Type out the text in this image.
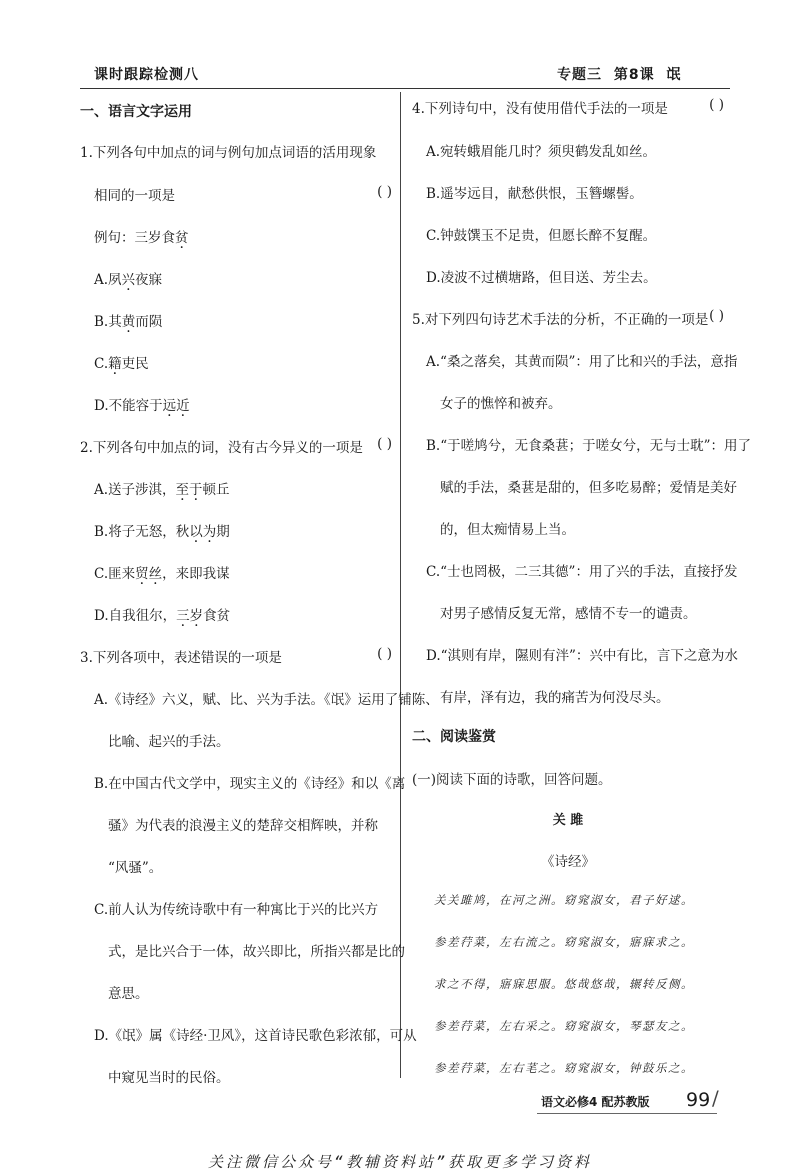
课时跟踪检测八	专题三 第8课 氓
一、语言文字运用
1.下列各句中加点的词与例句加点词语的活用现象
相同的一项是	( )
例句：三岁食贫
A.夙兴夜寐
B.其黄而陨
C.籍吏民
D.不能容于远近
2.下列各句中加点的词，没有古今异义的一项是 ( )
A.送子涉淇，至于顿丘
B.将子无怒，秋以为期
C.匪来贸丝，来即我谋
D.自我徂尔，三岁食贫
3.下列各项中，表述错误的一项是	( )
A.《诗经》六义，赋、比、兴为手法。《氓》运用了铺陈、
比喻、起兴的手法。
B.在中国古代文学中，现实主义的《诗经》和以《离
骚》为代表的浪漫主义的楚辞交相辉映，并称
“风骚”。
C.前人认为传统诗歌中有一种寓比于兴的比兴方
式，是比兴合于一体，故兴即比，所指兴都是比的
意思。
D.《氓》属《诗经·卫风》，这首诗民歌色彩浓郁，可从
中窥见当时的民俗。
4.下列诗句中，没有使用借代手法的一项是	( )
A.宛转蛾眉能几时？须臾鹤发乱如丝。
B.遥岑远目，献愁供恨，玉簪螺髻。
C.钟鼓馔玉不足贵，但愿长醉不复醒。
D.凌波不过横塘路，但目送、芳尘去。
5.对下列四句诗艺术手法的分析，不正确的一项是 ( )
A.“桑之落矣，其黄而陨”：用了比和兴的手法，意指
女子的憔悴和被弃。
B.“于嗟鸠兮，无食桑葚；于嗟女兮，无与士耽”：用了
赋的手法，桑葚是甜的，但多吃易醉；爱情是美好
的，但太痴情易上当。
C.“士也罔极，二三其德”：用了兴的手法，直接抒发
对男子感情反复无常，感情不专一的谴责。
D.“淇则有岸，隰则有泮”：兴中有比，言下之意为水
有岸，泽有边，我的痛苦为何没尽头。
二、阅读鉴赏
(一)阅读下面的诗歌，回答问题。
关 雎
《诗经》
关关雎鸠，在河之洲。窈窕淑女，君子好逑。
参差荇菜，左右流之。窈窕淑女，寤寐求之。
求之不得，寤寐思服。悠哉悠哉，辗转反侧。
参差荇菜，左右采之。窈窕淑女，琴瑟友之。
参差荇菜，左右芼之。窈窕淑女，钟鼓乐之。
语文必修4 配苏教版 99 /
关注微信公众号“教辅资料站”获取更多学习资料
